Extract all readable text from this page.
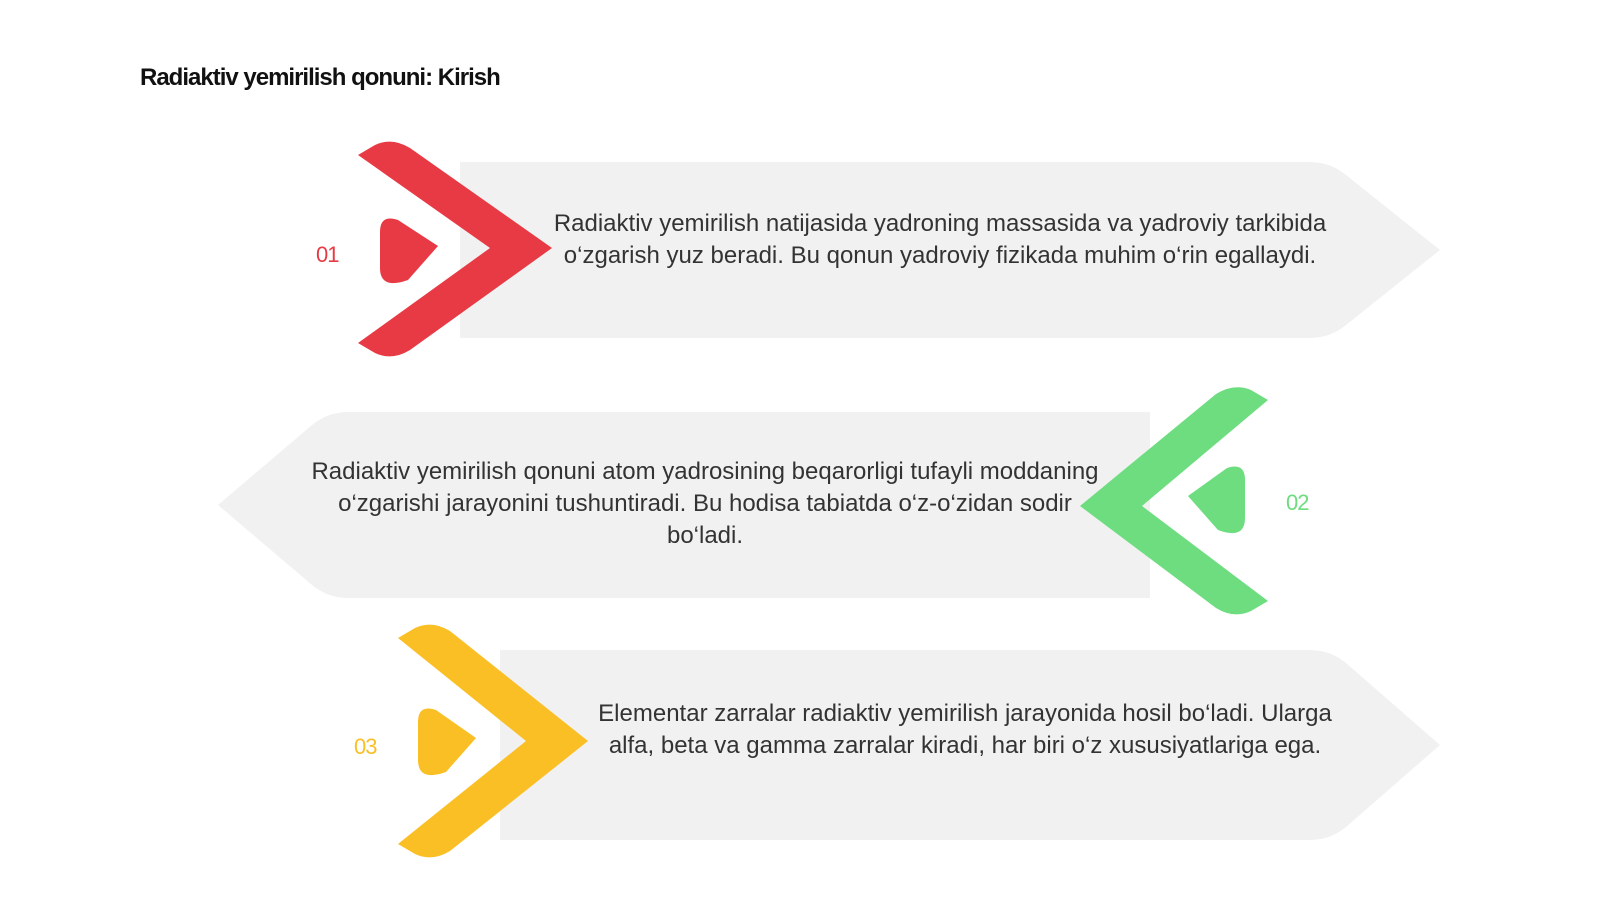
Radiaktiv yemirilish qonuni: Kirish
01
02
03

Radiaktiv yemirilish natijasida yadroning massasida va yadroviy tarkibida o‘zgarish yuz beradi. Bu qonun yadroviy fizikada muhim o‘rin egallaydi.

Radiaktiv yemirilish qonuni atom yadrosining beqarorligi tufayli moddaning o‘zgarishi jarayonini tushuntiradi. Bu hodisa tabiatda o‘z-o‘zidan sodir bo‘ladi.

Elementar zarralar radiaktiv yemirilish jarayonida hosil bo‘ladi. Ularga alfa, beta va gamma zarralar kiradi, har biri o‘z xususiyatlariga ega.
